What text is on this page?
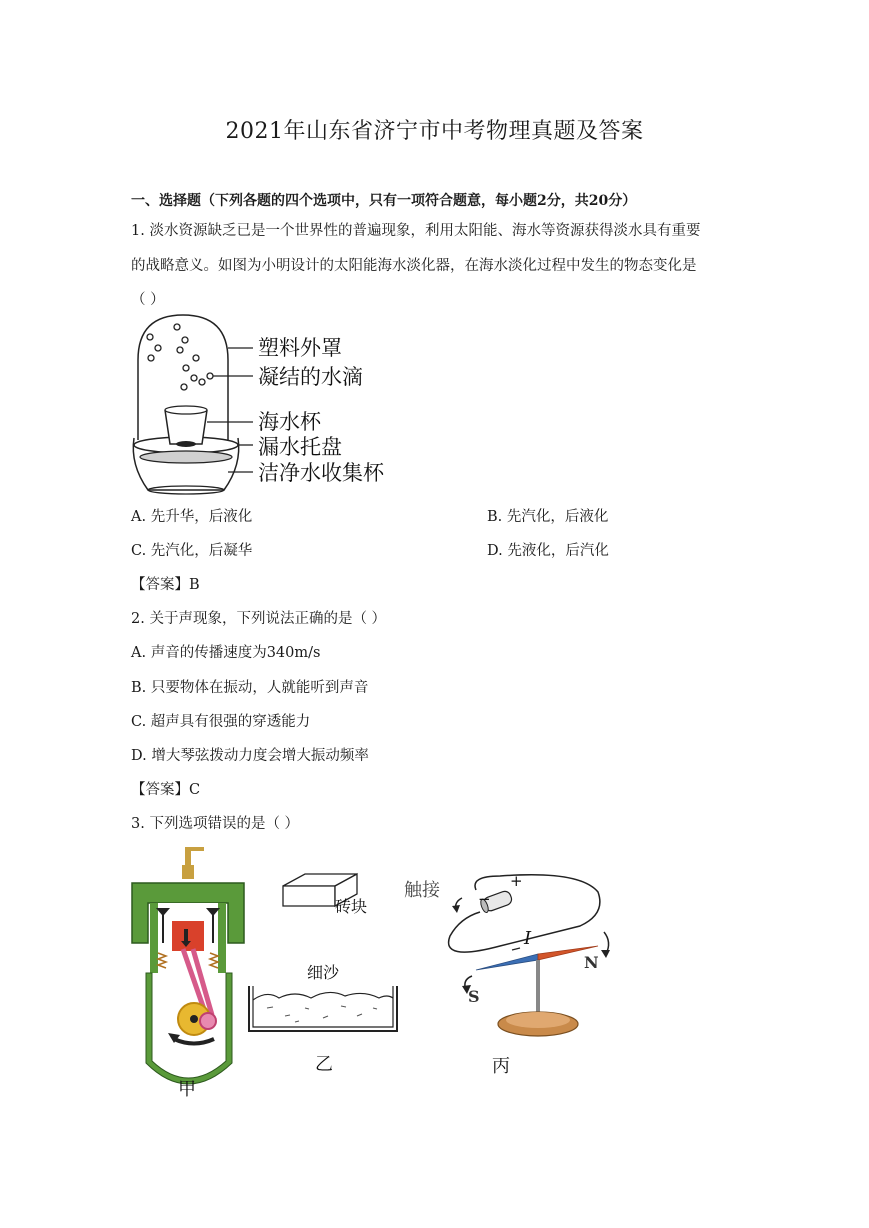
2021年山东省济宁市中考物理真题及答案
一、选择题（下列各题的四个选项中，只有一项符合题意，每小题2分，共20分）
1. 淡水资源缺乏已是一个世界性的普遍现象，利用太阳能、海水等资源获得淡水具有重要
的战略意义。如图为小明设计的太阳能海水淡化器，在海水淡化过程中发生的物态变化是
（ ）
塑料外罩
凝结的水滴
海水杯
漏水托盘
洁净水收集杯
A. 先升华，后液化	B. 先汽化，后液化
C. 先汽化，后凝华	D. 先液化，后汽化
【答案】B
2. 关于声现象，下列说法正确的是（ ）
A. 声音的传播速度为340m/s
B. 只要物体在振动，人就能听到声音
C. 超声具有很强的穿透能力
D. 增大琴弦拨动力度会增大振动频率
【答案】C
3. 下列选项错误的是（ ）
甲
砖块
细沙
乙
触接	+
−
I
N
S
丙
